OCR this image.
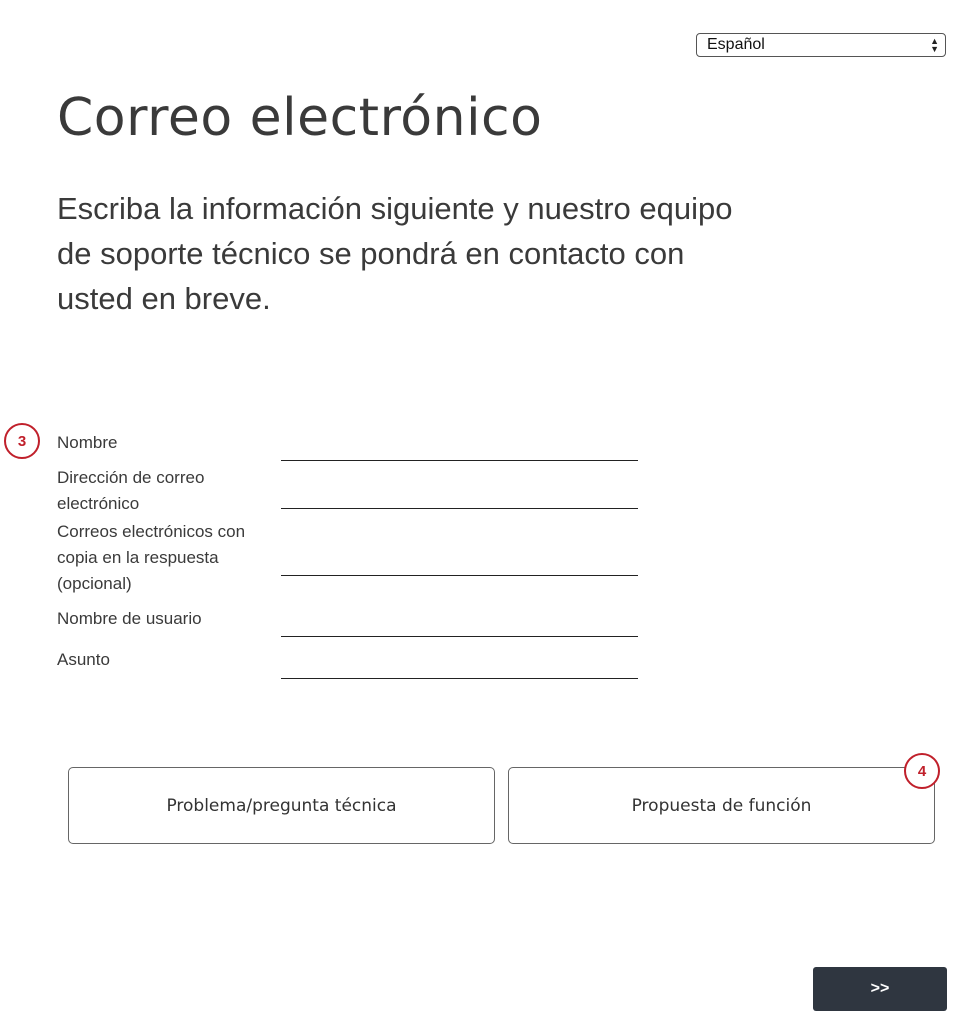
Español	▲
▼
Correo electrónico
Escriba la información siguiente y nuestro equipo
de soporte técnico se pondrá en contacto con
usted en breve.
3	Nombre
Dirección de correo
electrónico
Correos electrónicos con
copia en la respuesta
(opcional)
Nombre de usuario
Asunto
Problema/pregunta técnica	Propuesta de función
4
>>
